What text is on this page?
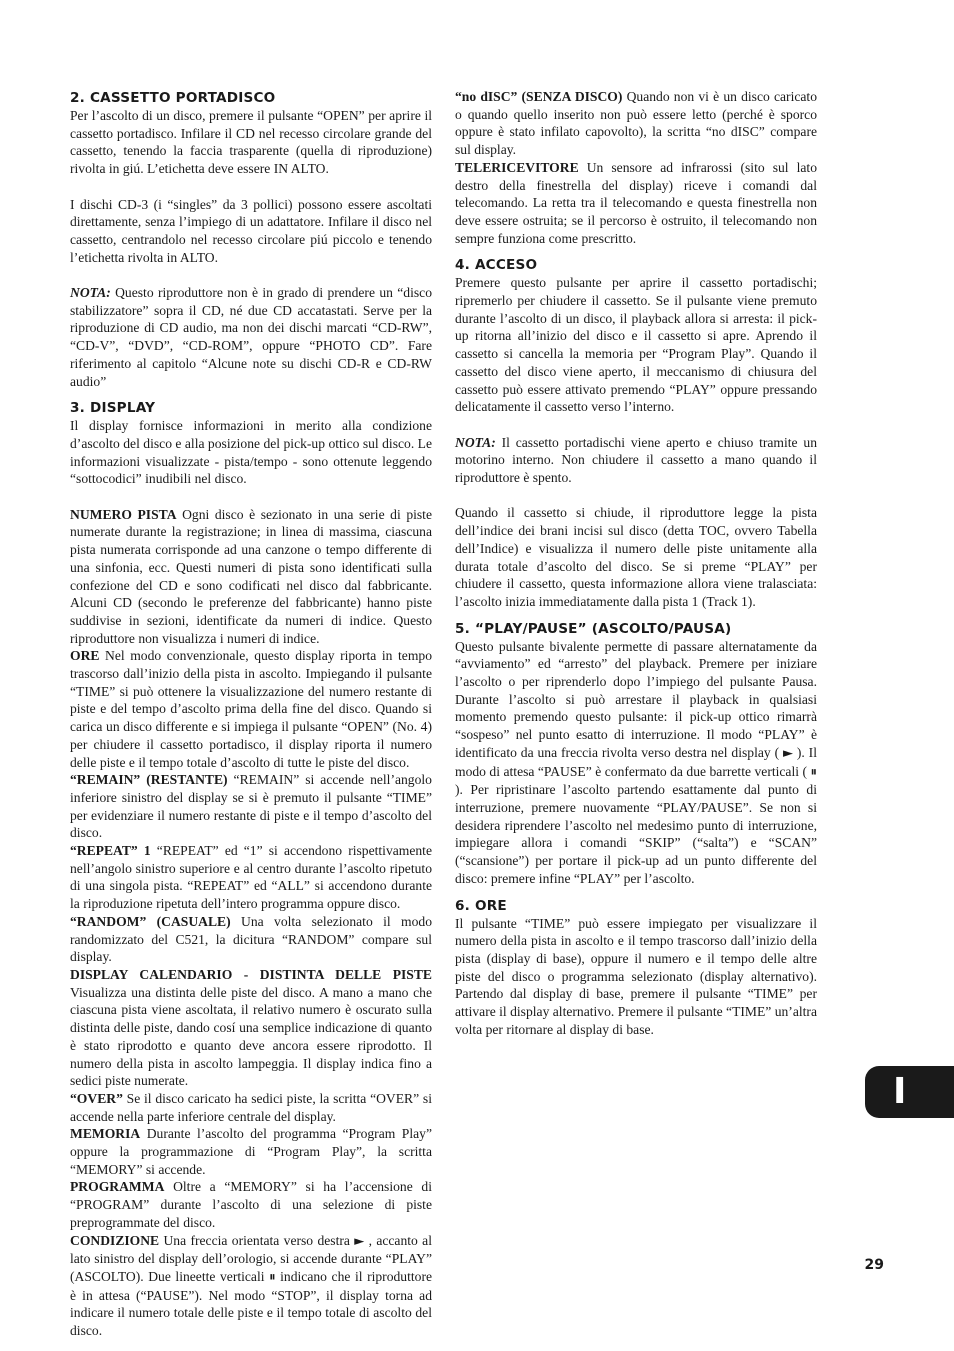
2. CASSETTO PORTADISCO

Per l’ascolto di un disco, premere il pulsante “OPEN” per aprire il cassetto portadisco. Infilare il CD nel recesso circolare grande del cassetto, tenendo la faccia trasparente (quella di riproduzione) rivolta in giú. L’etichetta deve essere IN ALTO.

I dischi CD-3 (i “singles” da 3 pollici) possono essere ascoltati direttamente, senza l’impiego di un adattatore. Infilare il disco nel cassetto, centrandolo nel recesso circolare piú piccolo e tenendo l’etichetta rivolta in ALTO.

NOTA: Questo riproduttore non è in grado di prendere un “disco stabilizzatore” sopra il CD, né due CD accatastati. Serve per la riproduzione di CD audio, ma non dei dischi marcati “CD-RW”, “CD-V”, “DVD”, “CD-ROM”, oppure “PHOTO CD”. Fare riferimento al capitolo “Alcune note su dischi CD-R e CD-RW audio”

3. DISPLAY

Il display fornisce informazioni in merito alla condizione d’ascolto del disco e alla posizione del pick-up ottico sul disco. Le informazioni visualizzate - pista/tempo - sono ottenute leggendo “sottocodici” inudibili nel disco.

NUMERO PISTA Ogni disco è sezionato in una serie di piste numerate durante la registrazione; in linea di massima, ciascuna pista numerata corrisponde ad una canzone o tempo differente di una sinfonia, ecc. Questi numeri di pista sono identificati sulla confezione del CD e sono codificati nel disco dal fabbricante. Alcuni CD (secondo le preferenze del fabbricante) hanno piste suddivise in sezioni, identificate da numeri di indice. Questo riproduttore non visualizza i numeri di indice.

ORE Nel modo convenzionale, questo display riporta in tempo trascorso dall’inizio della pista in ascolto. Impiegando il pulsante “TIME” si può ottenere la visualizzazione del numero restante di piste e del tempo d’ascolto prima della fine del disco. Quando si carica un disco differente e si impiega il pulsante “OPEN” (No. 4) per chiudere il cassetto portadisco, il display riporta il numero delle piste e il tempo totale d’ascolto di tutte le piste del disco.

“REMAIN” (RESTANTE) “REMAIN” si accende nell’angolo inferiore sinistro del display se si è premuto il pulsante “TIME” per evidenziare il numero restante di piste e il tempo d’ascolto del disco.

“REPEAT” 1 “REPEAT” ed “1” si accendono rispettivamente nell’angolo sinistro superiore e al centro durante l’ascolto ripetuto di una singola pista. “REPEAT” ed “ALL” si accendono durante la riproduzione ripetuta dell’intero programma oppure disco.

“RANDOM” (CASUALE) Una volta selezionato il modo randomizzato del C521, la dicitura “RANDOM” compare sul display.

DISPLAY CALENDARIO - DISTINTA DELLE PISTE Visualizza una distinta delle piste del disco. A mano a mano che ciascuna pista viene ascoltata, il relativo numero è oscurato sulla distinta delle piste, dando cosí una semplice indicazione di quanto è stato riprodotto e quanto deve ancora essere riprodotto. Il numero della pista in ascolto lampeggia. Il display indica fino a sedici piste numerate.

“OVER” Se il disco caricato ha sedici piste, la scritta “OVER” si accende nella parte inferiore centrale del display.

MEMORIA Durante l’ascolto del programma “Program Play” oppure la programmazione di “Program Play”, la scritta “MEMORY” si accende.

PROGRAMMA Oltre a “MEMORY” si ha l’accensione di “PROGRAM” durante l’ascolto di una selezione di piste preprogrammate del disco.

CONDIZIONE Una freccia orientata verso destra ► , accanto al lato sinistro del display dell’orologio, si accende durante “PLAY” (ASCOLTO). Due lineette verticali ⏸ indicano che il riproduttore è in attesa (“PAUSE”). Nel modo “STOP”, il display torna ad indicare il numero totale delle piste e il tempo totale di ascolto del disco.

“no dISC” (SENZA DISCO) Quando non vi è un disco caricato o quando quello inserito non può essere letto (perché è sporco oppure è stato infilato capovolto), la scritta “no dISC” compare sul display.

TELERICEVITORE Un sensore ad infrarossi (sito sul lato destro della finestrella del display) riceve i comandi dal telecomando. La retta tra il telecomando e questa finestrella non deve essere ostruita; se il percorso è ostruito, il telecomando non sempre funziona come prescritto.

4. ACCESO

Premere questo pulsante per aprire il cassetto portadischi; ripremerlo per chiudere il cassetto. Se il pulsante viene premuto durante l’ascolto di un disco, il playback allora si arresta: il pick-up ritorna all’inizio del disco e il cassetto si apre. Aprendo il cassetto si cancella la memoria per “Program Play”. Quando il cassetto del disco viene aperto, il meccanismo di chiusura del cassetto può essere attivato premendo “PLAY” oppure pressando delicatamente il cassetto verso l’interno.

NOTA: Il cassetto portadischi viene aperto e chiuso tramite un motorino interno. Non chiudere il cassetto a mano quando il riproduttore è spento.

Quando il cassetto si chiude, il riproduttore legge la pista dell’indice dei brani incisi sul disco (detta TOC, ovvero Tabella dell’Indice) e visualizza il numero delle piste unitamente alla durata totale d’ascolto del disco. Se si preme “PLAY” per chiudere il cassetto, questa informazione allora viene tralasciata: l’ascolto inizia immediatamente dalla pista 1 (Track 1).

5. “PLAY/PAUSE” (ASCOLTO/PAUSA)

Questo pulsante bivalente permette di passare alternatamente da “avviamento” ed “arresto” del playback. Premere per iniziare l’ascolto o per riprenderlo dopo l’impiego del pulsante Pausa. Durante l’ascolto si può arrestare il playback in qualsiasi momento premendo questo pulsante: il pick-up ottico rimarrà “sospeso” nel punto esatto di interruzione. Il modo “PLAY” è identificato da una freccia rivolta verso destra nel display ( ► ). Il modo di attesa “PAUSE” è confermato da due barrette verticali ( ⏸ ). Per ripristinare l’ascolto partendo esattamente dal punto di interruzione, premere nuovamente “PLAY/PAUSE”. Se non si desidera riprendere l’ascolto nel medesimo punto di interruzione, impiegare allora i comandi “SKIP” (“salta”) e “SCAN” (“scansione”) per portare il pick-up ad un punto differente del disco: premere infine “PLAY” per l’ascolto.

6. ORE

Il pulsante “TIME” può essere impiegato per visualizzare il numero della pista in ascolto e il tempo trascorso dall’inizio della pista (display di base), oppure il numero e il tempo delle altre piste del disco o programma selezionato (display alternativo). Partendo dal display di base, premere il pulsante “TIME” per attivare il display alternativo. Premere il pulsante “TIME” un’altra volta per ritornare al display di base.

I
29
